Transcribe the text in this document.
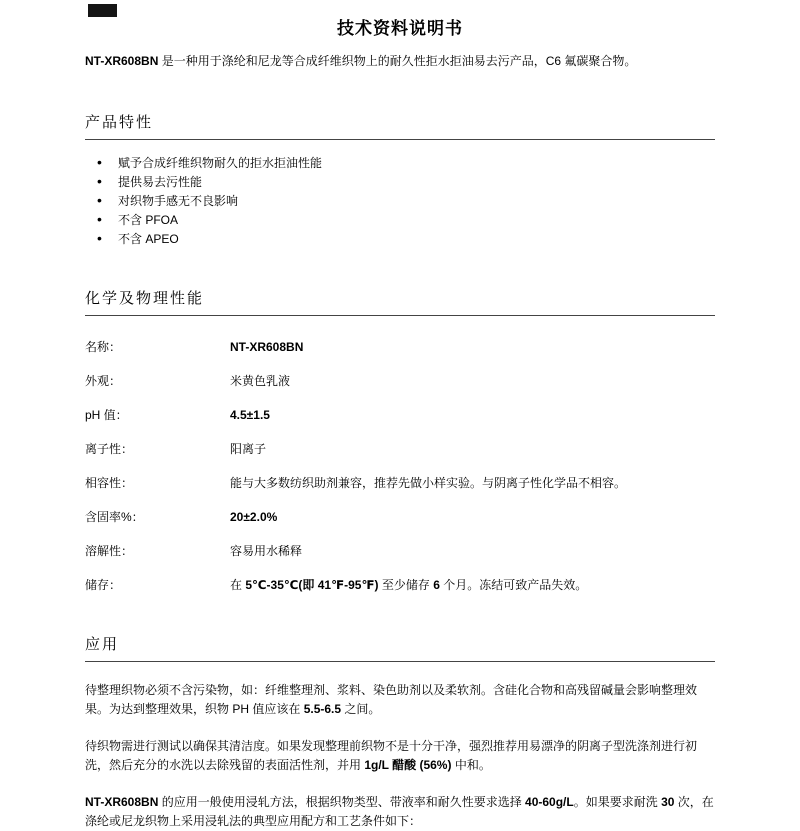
技术资料说明书

NT-XR608BN 是一种用于涤纶和尼龙等合成纤维织物上的耐久性拒水拒油易去污产品，C6 氟碳聚合物。

产品特性
• 赋予合成纤维织物耐久的拒水拒油性能
• 提供易去污性能
• 对织物手感无不良影响
• 不含 PFOA
• 不含 APEO
化学及物理性能
名称：	NT-XR608BN
外观：	米黄色乳液
pH 值：	4.5±1.5
离子性：	阳离子
相容性：	能与大多数纺织助剂兼容，推荐先做小样实验。与阴离子性化学品不相容。
含固率%：	20±2.0%
溶解性：	容易用水稀释
储存：	在 5℃-35℃(即 41℉-95℉) 至少储存 6 个月。冻结可致产品失效。
应用

待整理织物必须不含污染物，如：纤维整理剂、浆料、染色助剂以及柔软剂。含硅化合物和高残留碱量会影响整理效果。为达到整理效果，织物 PH 值应该在 5.5-6.5 之间。

待织物需进行测试以确保其清洁度。如果发现整理前织物不是十分干净，强烈推荐用易漂净的阴离子型洗涤剂进行初洗，然后充分的水洗以去除残留的表面活性剂，并用 1g/L 醋酸 (56%) 中和。

NT-XR608BN 的应用一般使用浸轧方法，根据织物类型、带液率和耐久性要求选择 40-60g/L。如果要求耐洗 30 次，在涤纶或尼龙织物上采用浸轧法的典型应用配方和工艺条件如下：
